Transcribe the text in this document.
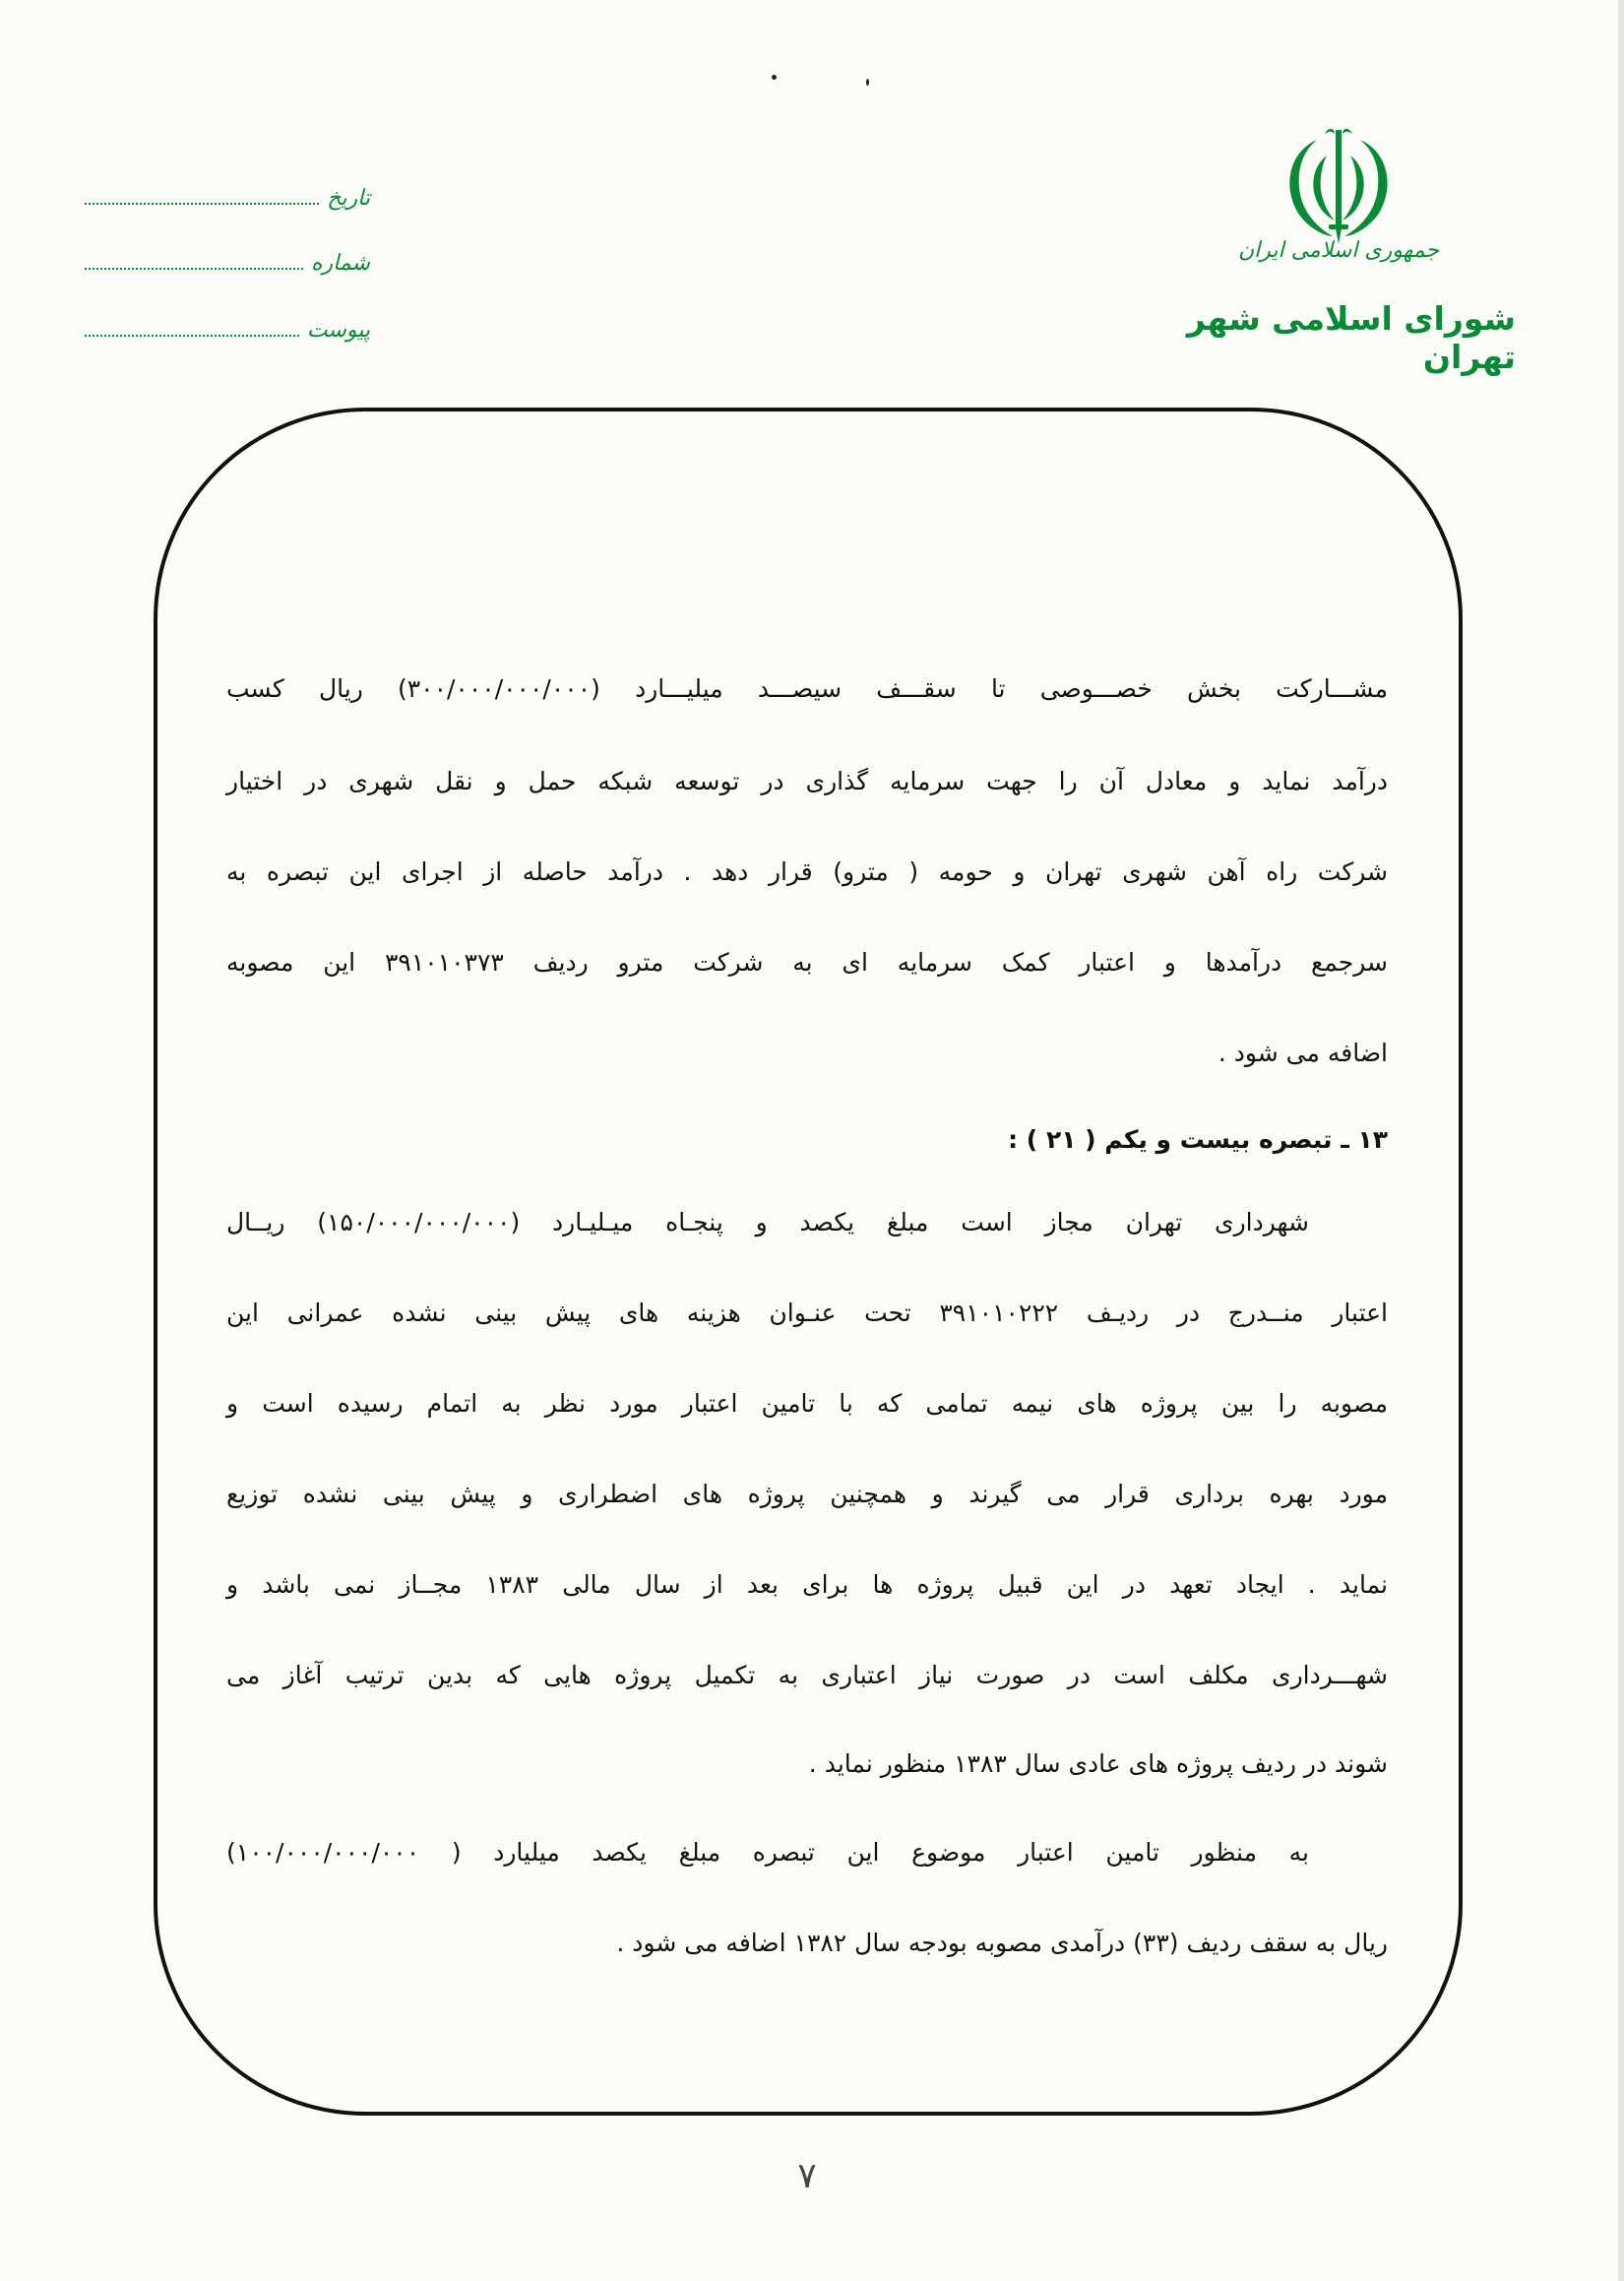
جمهوری اسلامی ایران
شورای اسلامی شهر تهران
تاریخ
شماره
پیوست
مشـــارکت بخش خصـــوصی تا سقـــف سیصـــد میلیـــارد (۳۰۰/۰۰۰/۰۰۰/۰۰۰) ریال کسب
درآمد نماید و معادل آن را جهت سرمایه گذاری در توسعه شبکه حمل و نقل شهری در اختیار
شرکت راه آهن شهری تهران و حومه ( مترو) قرار دهد . درآمد حاصله از اجرای این تبصره به
سرجمع درآمدها و اعتبار کمک سرمایه ای به شرکت مترو ردیف ۳۹۱۰۱۰۳۷۳ این مصوبه
اضافه می شود .
۱۳ ـ تبصره بیست و یکم ( ۲۱ ) :
شهرداری تهران مجاز است مبلغ یکصد و پنجـاه میـلیـارد (۱۵۰/۰۰۰/۰۰۰/۰۰۰) ریــال
اعتبار منــدرج در ردیـف ۳۹۱۰۱۰۲۲۲ تحت عنـوان هزینه های پیش بینی نشده عمرانی این
مصوبه را بین پروژه های نیمه تمامی که با تامین اعتبار مورد نظر به اتمام رسیده است و
مورد بهره برداری قرار می گیرند و همچنین پروژه های اضطراری و پیش بینی نشده توزیع
نماید . ایجاد تعهد در این قبیل پروژه ها برای بعد از سال مالی ۱۳۸۳ مجــاز نمی باشد و
شهـــرداری مکلف است در صورت نیاز اعتباری به تکمیل پروژه هایی که بدین ترتیب آغاز می
شوند در ردیف پروژه های عادی سال ۱۳۸۳ منظور نماید .
به منظور تامین اعتبار موضوع این تبصره مبلغ یکصد میلیارد ( ۱۰۰/۰۰۰/۰۰۰/۰۰۰)
ریال به سقف ردیف (۳۳) درآمدی مصوبه بودجه سال ۱۳۸۲ اضافه می شود .
۷
